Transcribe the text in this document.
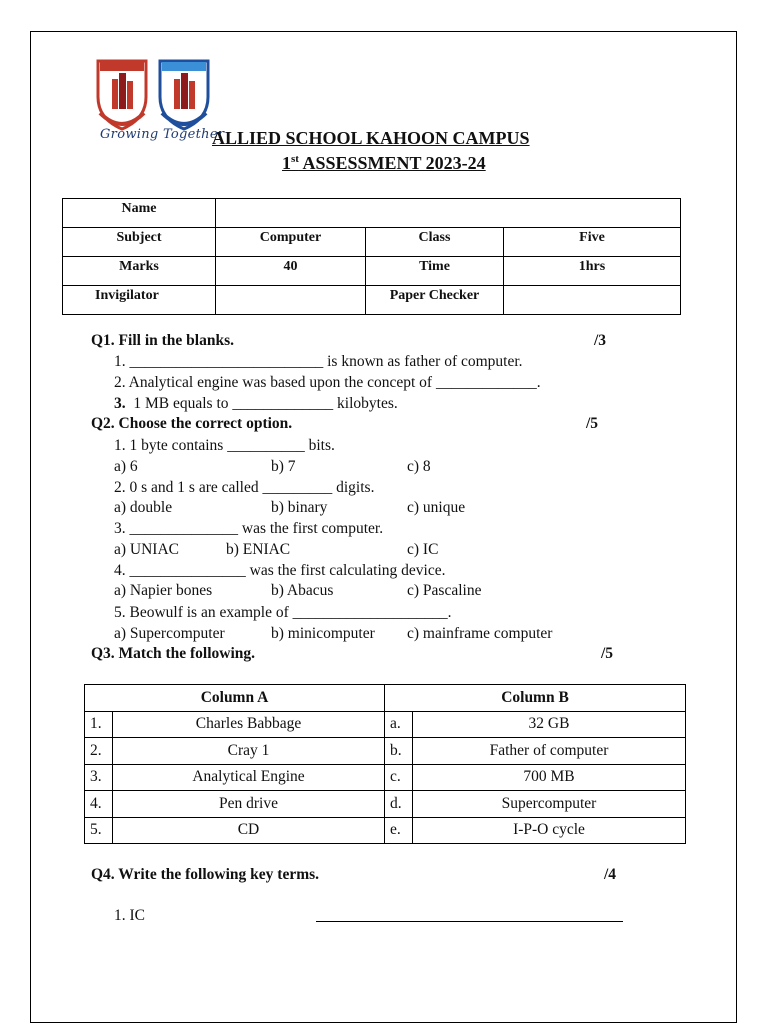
Growing Together
ALLIED SCHOOL KAHOON CAMPUS
1st ASSESSMENT 2023-24
Name			
Subject	Computer	Class	Five
Marks	40	Time	1hrs
Invigilator		Paper Checker	
Q1. Fill in the blanks.	/3
1. _________________________ is known as father of computer.
2. Analytical engine was based upon the concept of _____________.
3. 1 MB equals to _____________ kilobytes.
Q2. Choose the correct option.	/5
1. 1 byte contains __________ bits.
a) 6	b) 7	c) 8
2. 0 s and 1 s are called _________ digits.
a) double	b) binary	c) unique
3. ______________ was the first computer.
a) UNIAC	b) ENIAC	c) IC
4. _______________ was the first calculating device.
a) Napier bones	b) Abacus	c) Pascaline
5. Beowulf is an example of ____________________.
a) Supercomputer	b) minicomputer c) mainframe computer
Q3. Match the following.	/5
Column A		Column B	
1.	Charles Babbage	a.	32 GB
2.	Cray 1	b.	Father of computer
3.	Analytical Engine	c.	700 MB
4.	Pen drive	d.	Supercomputer
5.	CD	e.	I-P-O cycle
Q4. Write the following key terms.	/4
1. IC
